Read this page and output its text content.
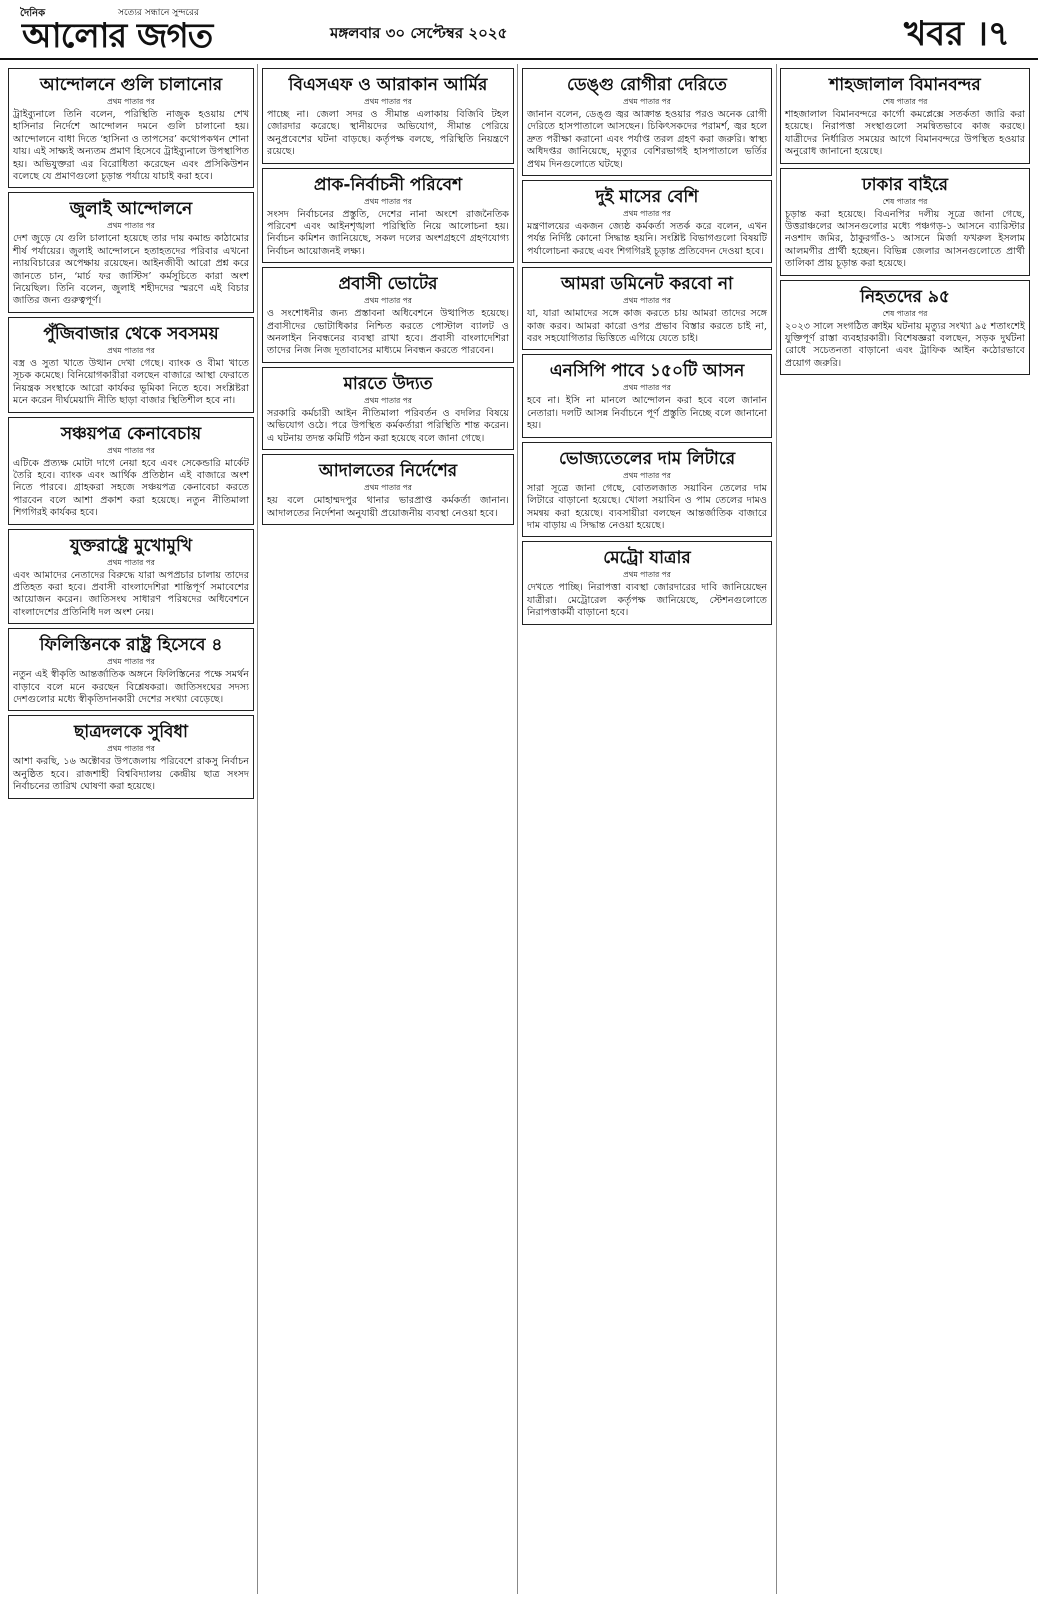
দৈনিক	সত্যের সন্ধানে সুন্দরের
আলোর জগত	মঙ্গলবার ৩০ সেপ্টেম্বর ২০২৫	খবর ।৭
আন্দোলনে গুলি চালানোর
প্রথম পাতার পর

ট্রাইব্যুনালে তিনি বলেন, পরিস্থিতি নাজুক হওয়ায় শেখ হাসিনার নির্দেশে আন্দোলন দমনে গুলি চালানো হয়। আন্দোলনে বাধা দিতে ‘হাসিনা ও তাপসের’ কথোপকথন শোনা যায়। এই সাক্ষ্যই অন্যতম প্রমাণ হিসেবে ট্রাইব্যুনালে উপস্থাপিত হয়। অভিযুক্তরা এর বিরোধিতা করেছেন এবং প্রসিকিউশন বলেছে যে প্রমাণগুলো চূড়ান্ত পর্যায়ে যাচাই করা হবে।

জুলাই আন্দোলনে
প্রথম পাতার পর

দেশ জুড়ে যে গুলি চালানো হয়েছে তার দায় কমান্ড কাঠামোর শীর্ষ পর্যায়ের। জুলাই আন্দোলনে হতাহতদের পরিবার এখনো ন্যায়বিচারের অপেক্ষায় রয়েছেন। আইনজীবী আরো প্রশ্ন করে জানতে চান, ‘মার্চ ফর জাস্টিস’ কর্মসূচিতে কারা অংশ নিয়েছিল। তিনি বলেন, জুলাই শহীদদের স্মরণে এই বিচার জাতির জন্য গুরুত্বপূর্ণ।

পুঁজিবাজার থেকে সবসময়
প্রথম পাতার পর

বস্ত্র ও সুতা খাতে উত্থান দেখা গেছে। ব্যাংক ও বীমা খাতে সূচক কমেছে। বিনিয়োগকারীরা বলছেন বাজারে আস্থা ফেরাতে নিয়ন্ত্রক সংস্থাকে আরো কার্যকর ভূমিকা নিতে হবে। সংশ্লিষ্টরা মনে করেন দীর্ঘমেয়াদি নীতি ছাড়া বাজার স্থিতিশীল হবে না।

সঞ্চয়পত্র কেনাবেচায়
প্রথম পাতার পর

এটিকে প্রত্যক্ষ মোটা দাগে নেয়া হবে এবং সেকেন্ডারি মার্কেট তৈরি হবে। ব্যাংক এবং আর্থিক প্রতিষ্ঠান এই বাজারে অংশ নিতে পারবে। গ্রাহকরা সহজে সঞ্চয়পত্র কেনাবেচা করতে পারবেন বলে আশা প্রকাশ করা হয়েছে। নতুন নীতিমালা শিগগিরই কার্যকর হবে।

যুক্তরাষ্ট্রে মুখোমুখি
প্রথম পাতার পর

এবং আমাদের নেতাদের বিরুদ্ধে যারা অপপ্রচার চালায় তাদের প্রতিহত করা হবে। প্রবাসী বাংলাদেশিরা শান্তিপূর্ণ সমাবেশের আয়োজন করেন। জাতিসংঘ সাধারণ পরিষদের অধিবেশনে বাংলাদেশের প্রতিনিধি দল অংশ নেয়।

ফিলিস্তিনকে রাষ্ট্র হিসেবে ৪
প্রথম পাতার পর

নতুন এই স্বীকৃতি আন্তর্জাতিক অঙ্গনে ফিলিস্তিনের পক্ষে সমর্থন বাড়াবে বলে মনে করছেন বিশ্লেষকরা। জাতিসংঘের সদস্য দেশগুলোর মধ্যে স্বীকৃতিদানকারী দেশের সংখ্যা বেড়েছে।

ছাত্রদলকে সুবিধা
প্রথম পাতার পর

আশা করছি, ১৬ অক্টোবর উপজেলায় পরিবেশে রাকসু নির্বাচন অনুষ্ঠিত হবে। রাজশাহী বিশ্ববিদ্যালয় কেন্দ্রীয় ছাত্র সংসদ নির্বাচনের তারিখ ঘোষণা করা হয়েছে।

বিএসএফ ও আরাকান আর্মির
প্রথম পাতার পর

পাচ্ছে না। জেলা সদর ও সীমান্ত এলাকায় বিজিবি টহল জোরদার করেছে। স্থানীয়দের অভিযোগ, সীমান্ত পেরিয়ে অনুপ্রবেশের ঘটনা বাড়ছে। কর্তৃপক্ষ বলছে, পরিস্থিতি নিয়ন্ত্রণে রয়েছে।

প্রাক-নির্বাচনী পরিবেশ
প্রথম পাতার পর

সংসদ নির্বাচনের প্রস্তুতি, দেশের নানা অংশে রাজনৈতিক পরিবেশ এবং আইনশৃঙ্খলা পরিস্থিতি নিয়ে আলোচনা হয়। নির্বাচন কমিশন জানিয়েছে, সকল দলের অংশগ্রহণে গ্রহণযোগ্য নির্বাচন আয়োজনই লক্ষ্য।

প্রবাসী ভোটের
প্রথম পাতার পর

ও সংশোধনীর জন্য প্রস্তাবনা অধিবেশনে উত্থাপিত হয়েছে। প্রবাসীদের ভোটাধিকার নিশ্চিত করতে পোস্টাল ব্যালট ও অনলাইন নিবন্ধনের ব্যবস্থা রাখা হবে। প্রবাসী বাংলাদেশিরা তাদের নিজ নিজ দূতাবাসের মাধ্যমে নিবন্ধন করতে পারবেন।

মারতে উদ্যত
প্রথম পাতার পর

সরকারি কর্মচারী আইন নীতিমালা পরিবর্তন ও বদলির বিষয়ে অভিযোগ ওঠে। পরে উপস্থিত কর্মকর্তারা পরিস্থিতি শান্ত করেন। এ ঘটনায় তদন্ত কমিটি গঠন করা হয়েছে বলে জানা গেছে।

আদালতের নির্দেশের
প্রথম পাতার পর

হয় বলে মোহাম্মদপুর থানার ভারপ্রাপ্ত কর্মকর্তা জানান। আদালতের নির্দেশনা অনুযায়ী প্রয়োজনীয় ব্যবস্থা নেওয়া হবে।

ডেঙ্গু রোগীরা দেরিতে
প্রথম পাতার পর

জানান বলেন, ডেঙ্গু জ্বর আক্রান্ত হওয়ার পরও অনেক রোগী দেরিতে হাসপাতালে আসছেন। চিকিৎসকদের পরামর্শ, জ্বর হলে দ্রুত পরীক্ষা করানো এবং পর্যাপ্ত তরল গ্রহণ করা জরুরি। স্বাস্থ্য অধিদপ্তর জানিয়েছে, মৃত্যুর বেশিরভাগই হাসপাতালে ভর্তির প্রথম দিনগুলোতে ঘটছে।

দুই মাসের বেশি
প্রথম পাতার পর

মন্ত্রণালয়ের একজন জ্যেষ্ঠ কর্মকর্তা সতর্ক করে বলেন, এখন পর্যন্ত নির্দিষ্ট কোনো সিদ্ধান্ত হয়নি। সংশ্লিষ্ট বিভাগগুলো বিষয়টি পর্যালোচনা করছে এবং শিগগিরই চূড়ান্ত প্রতিবেদন দেওয়া হবে।

আমরা ডমিনেট করবো না
প্রথম পাতার পর

যা, যারা আমাদের সঙ্গে কাজ করতে চায় আমরা তাদের সঙ্গে কাজ করব। আমরা কারো ওপর প্রভাব বিস্তার করতে চাই না, বরং সহযোগিতার ভিত্তিতে এগিয়ে যেতে চাই।

এনসিপি পাবে ১৫০টি আসন
প্রথম পাতার পর

হবে না। ইসি না মানলে আন্দোলন করা হবে বলে জানান নেতারা। দলটি আসন্ন নির্বাচনে পূর্ণ প্রস্তুতি নিচ্ছে বলে জানানো হয়।

ভোজ্যতেলের দাম লিটারে
প্রথম পাতার পর

সারা সূত্রে জানা গেছে, বোতলজাত সয়াবিন তেলের দাম লিটারে বাড়ানো হয়েছে। খোলা সয়াবিন ও পাম তেলের দামও সমন্বয় করা হয়েছে। ব্যবসায়ীরা বলছেন আন্তর্জাতিক বাজারে দাম বাড়ায় এ সিদ্ধান্ত নেওয়া হয়েছে।

মেট্রো যাত্রার
প্রথম পাতার পর

দেখতে পাচ্ছি। নিরাপত্তা ব্যবস্থা জোরদারের দাবি জানিয়েছেন যাত্রীরা। মেট্রোরেল কর্তৃপক্ষ জানিয়েছে, স্টেশনগুলোতে নিরাপত্তাকর্মী বাড়ানো হবে।

শাহজালাল বিমানবন্দর
শেষ পাতার পর

শাহজালাল বিমানবন্দরে কার্গো কমপ্লেক্সে সতর্কতা জারি করা হয়েছে। নিরাপত্তা সংস্থাগুলো সমন্বিতভাবে কাজ করছে। যাত্রীদের নির্ধারিত সময়ের আগে বিমানবন্দরে উপস্থিত হওয়ার অনুরোধ জানানো হয়েছে।

ঢাকার বাইরে
শেষ পাতার পর

চূড়ান্ত করা হয়েছে। বিএনপির দলীয় সূত্রে জানা গেছে, উত্তরাঞ্চলের আসনগুলোর মধ্যে পঞ্চগড়-১ আসনে ব্যারিস্টার নওশাদ জমির, ঠাকুরগাঁও-১ আসনে মির্জা ফখরুল ইসলাম আলমগীর প্রার্থী হচ্ছেন। বিভিন্ন জেলার আসনগুলোতে প্রার্থী তালিকা প্রায় চূড়ান্ত করা হয়েছে।

নিহতদের ৯৫
শেষ পাতার পর

২০২৩ সালে সংগঠিত ক্রাইম ঘটনায় মৃত্যুর সংখ্যা ৯৫ শতাংশেই যুক্তিপূর্ণ রাস্তা ব্যবহারকারী। বিশেষজ্ঞরা বলছেন, সড়ক দুর্ঘটনা রোধে সচেতনতা বাড়ানো এবং ট্রাফিক আইন কঠোরভাবে প্রয়োগ জরুরি।
